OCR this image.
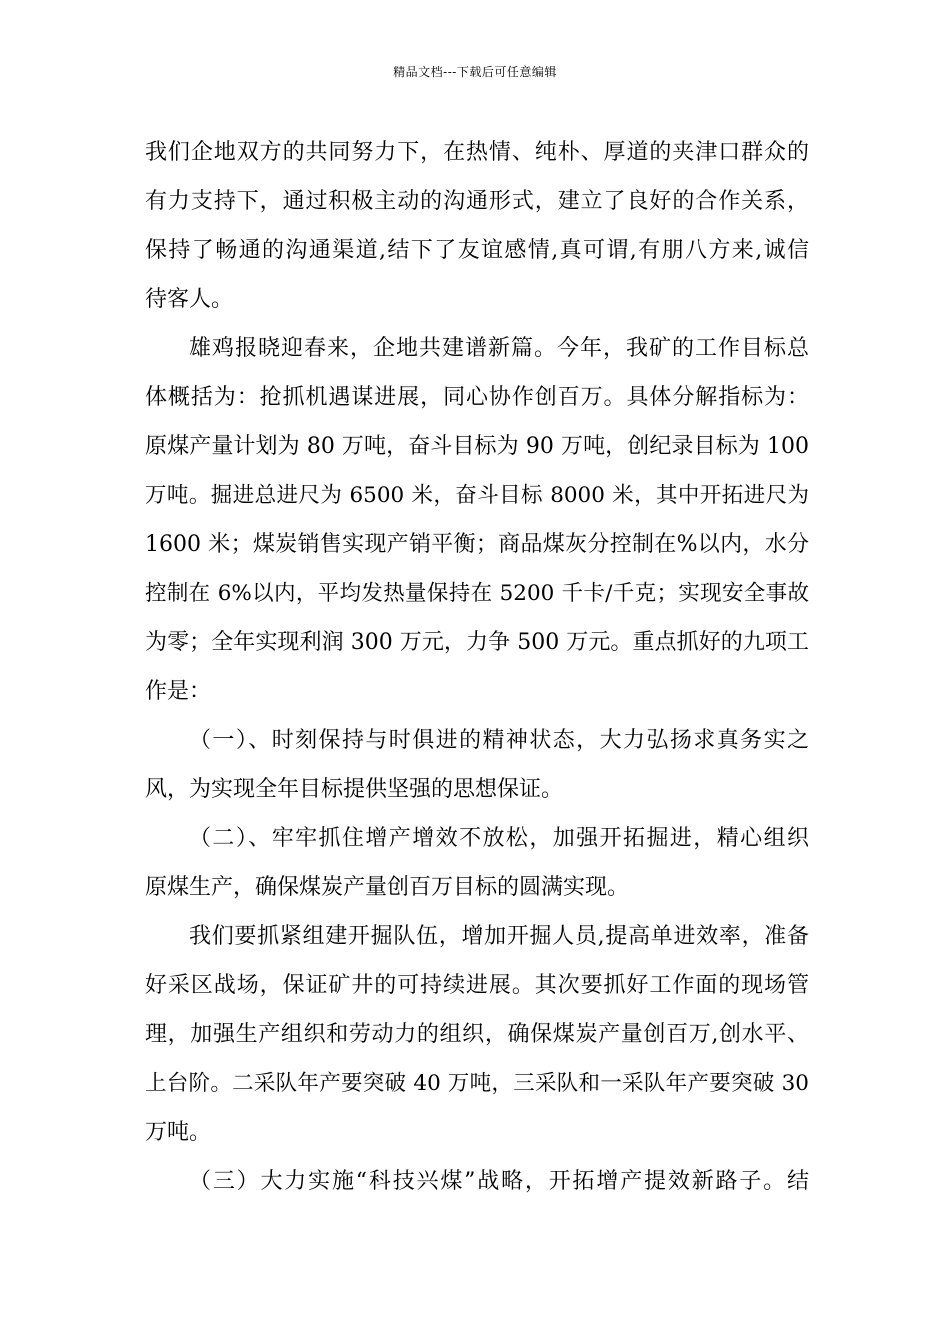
精品文档---下载后可任意编辑
我们企地双方的共同努力下，在热情、纯朴、厚道的夹津口群众的
有力支持下，通过积极主动的沟通形式，建立了良好的合作关系，
保持了畅通的沟通渠道,结下了友谊感情,真可谓,有朋八方来,诚信
待客人。
雄鸡报晓迎春来，企地共建谱新篇。今年，我矿的工作目标总
体概括为：抢抓机遇谋进展，同心协作创百万。具体分解指标为：
原煤产量计划为 80 万吨，奋斗目标为 90 万吨，创纪录目标为 100
万吨。掘进总进尺为 6500 米，奋斗目标 8000 米，其中开拓进尺为
1600 米；煤炭销售实现产销平衡；商品煤灰分控制在%以内，水分
控制在 6%以内，平均发热量保持在 5200 千卡/千克；实现安全事故
为零；全年实现利润 300 万元，力争 500 万元。重点抓好的九项工
作是：
（一）、时刻保持与时俱进的精神状态，大力弘扬求真务实之
风，为实现全年目标提供坚强的思想保证。
（二）、牢牢抓住增产增效不放松，加强开拓掘进，精心组织
原煤生产，确保煤炭产量创百万目标的圆满实现。
我们要抓紧组建开掘队伍，增加开掘人员,提高单进效率，准备
好采区战场，保证矿井的可持续进展。其次要抓好工作面的现场管
理，加强生产组织和劳动力的组织，确保煤炭产量创百万,创水平、
上台阶。二采队年产要突破 40 万吨，三采队和一采队年产要突破 30
万吨。
（三）大力实施“科技兴煤”战略，开拓增产提效新路子。结
